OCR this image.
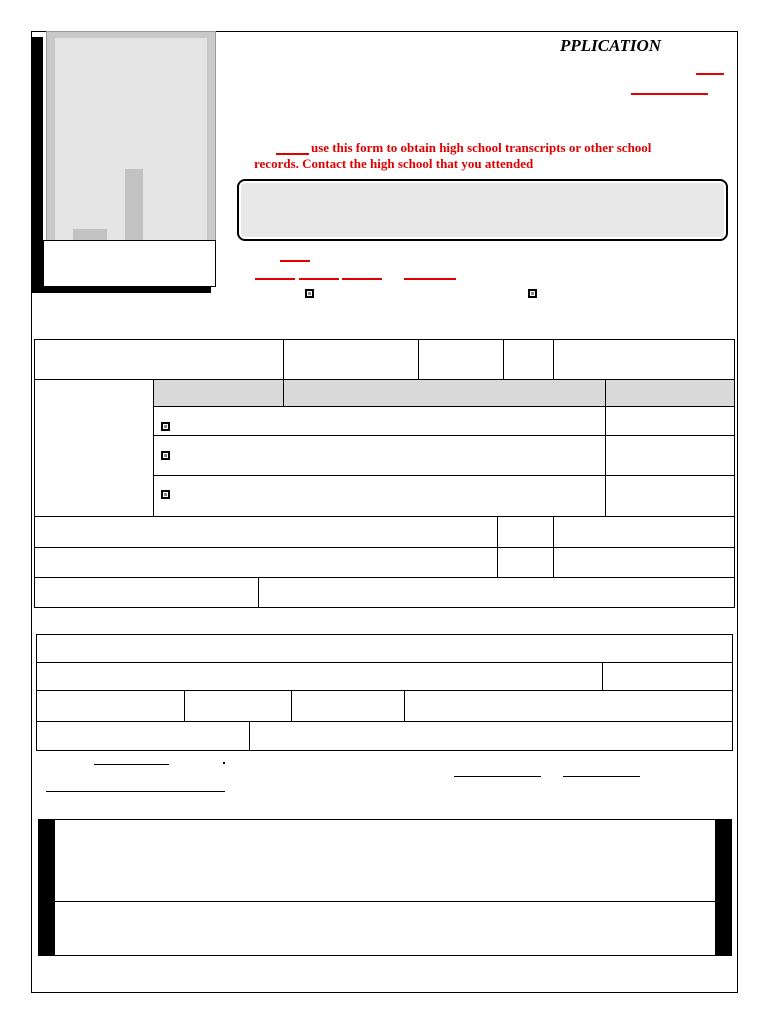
PPLICATION
use this form to obtain high school transcripts or other school
records. Contact the high school that you attended
